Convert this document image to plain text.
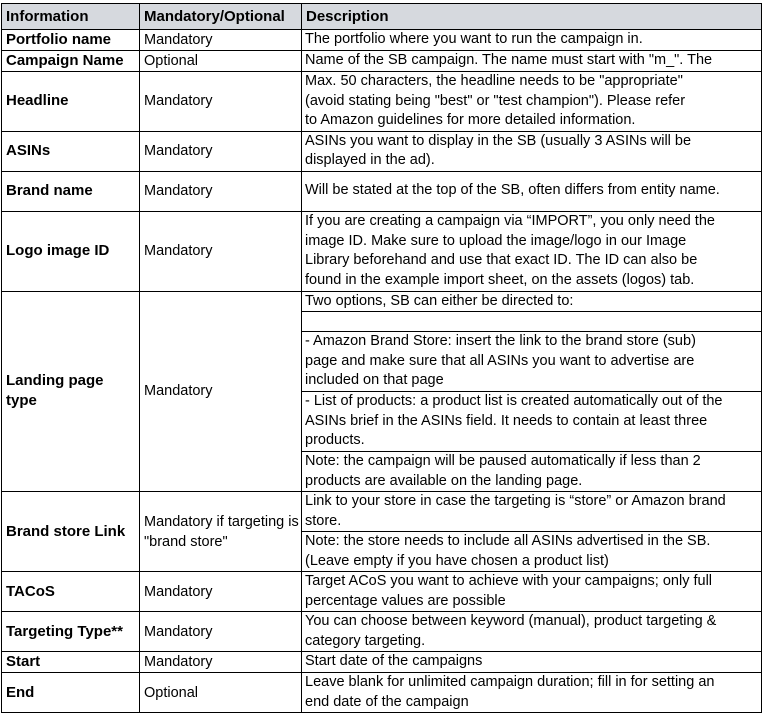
Information	Mandatory/Optional	Description
Portfolio name	Mandatory	The portfolio where you want to run the campaign in.

Campaign Name	Optional	Name of the SB campaign. The name must start with "m_". The

Headline	Mandatory	Max. 50 characters, the headline needs to be "appropriate"
(avoid stating being "best" or "test champion"). Please refer
to Amazon guidelines for more detailed information.

ASINs	Mandatory	ASINs you want to display in the SB (usually 3 ASINs will be
displayed in the ad).

Brand name	Mandatory	Will be stated at the top of the SB, often differs from entity name.

Logo image ID	Mandatory	If you are creating a campaign via “IMPORT”, you only need the
image ID. Make sure to upload the image/logo in our Image
Library beforehand and use that exact ID. The ID can also be
found in the example import sheet, on the assets (logos) tab.

Landing page type	Mandatory	Two options, SB can either be directed to:

		- Amazon Brand Store: insert the link to the brand store (sub)
page and make sure that all ASINs you want to advertise are
included on that page

		- List of products: a product list is created automatically out of the
ASINs brief in the ASINs field. It needs to contain at least three
products.

		Note: the campaign will be paused automatically if less than 2
products are available on the landing page.

Brand store Link	Mandatory if targeting is "brand store"	Link to your store in case the targeting is “store” or Amazon brand
store.

		Note: the store needs to include all ASINs advertised in the SB.
(Leave empty if you have chosen a product list)

TACoS	Mandatory	Target ACoS you want to achieve with your campaigns; only full
percentage values are possible

Targeting Type**	Mandatory	You can choose between keyword (manual), product targeting &
category targeting.

Start	Mandatory	Start date of the campaigns

End	Optional	Leave blank for unlimited campaign duration; fill in for setting an
end date of the campaign
